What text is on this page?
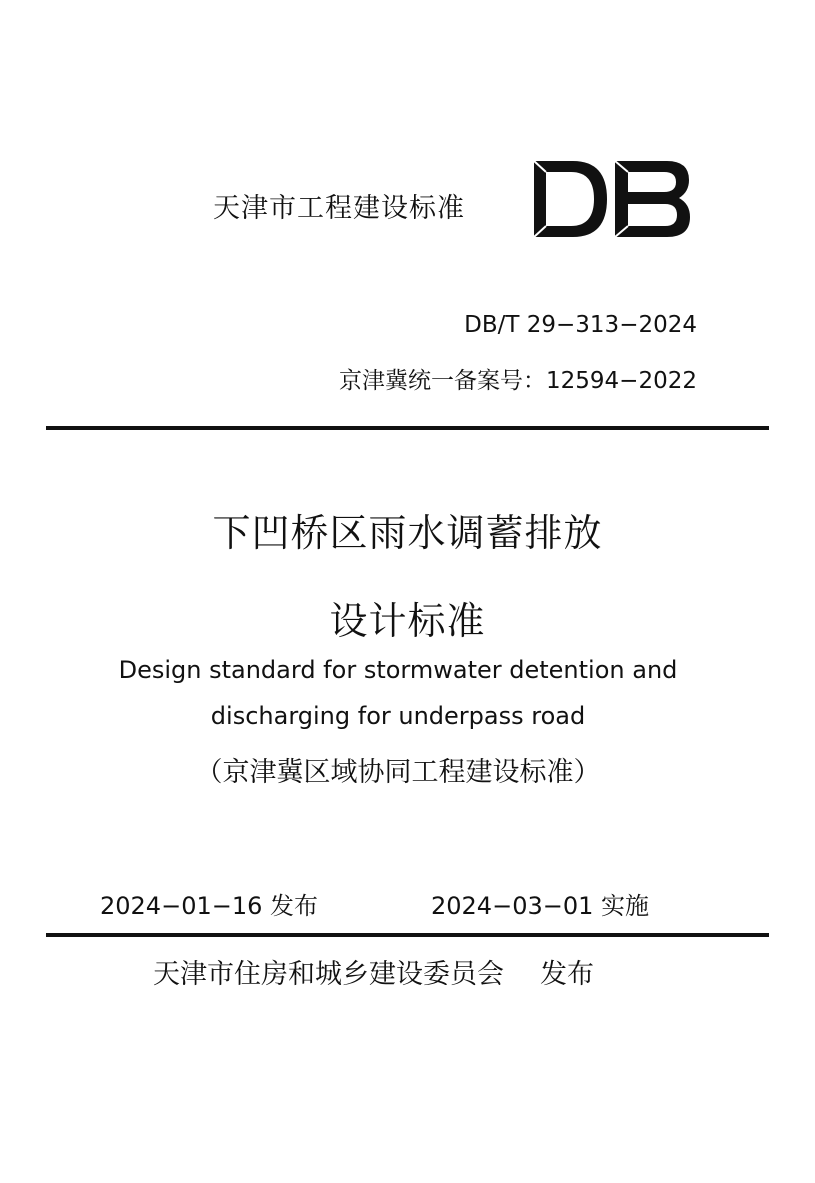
天津市工程建设标准
DB/T 29−313−2024
京津冀统一备案号：12594−2022
下凹桥区雨水调蓄排放
设计标准
Design standard for stormwater detention and
discharging for underpass road
（京津冀区域协同工程建设标准）
2024−01−16 发布	2024−03−01 实施
天津市住房和城乡建设委员会 发布
